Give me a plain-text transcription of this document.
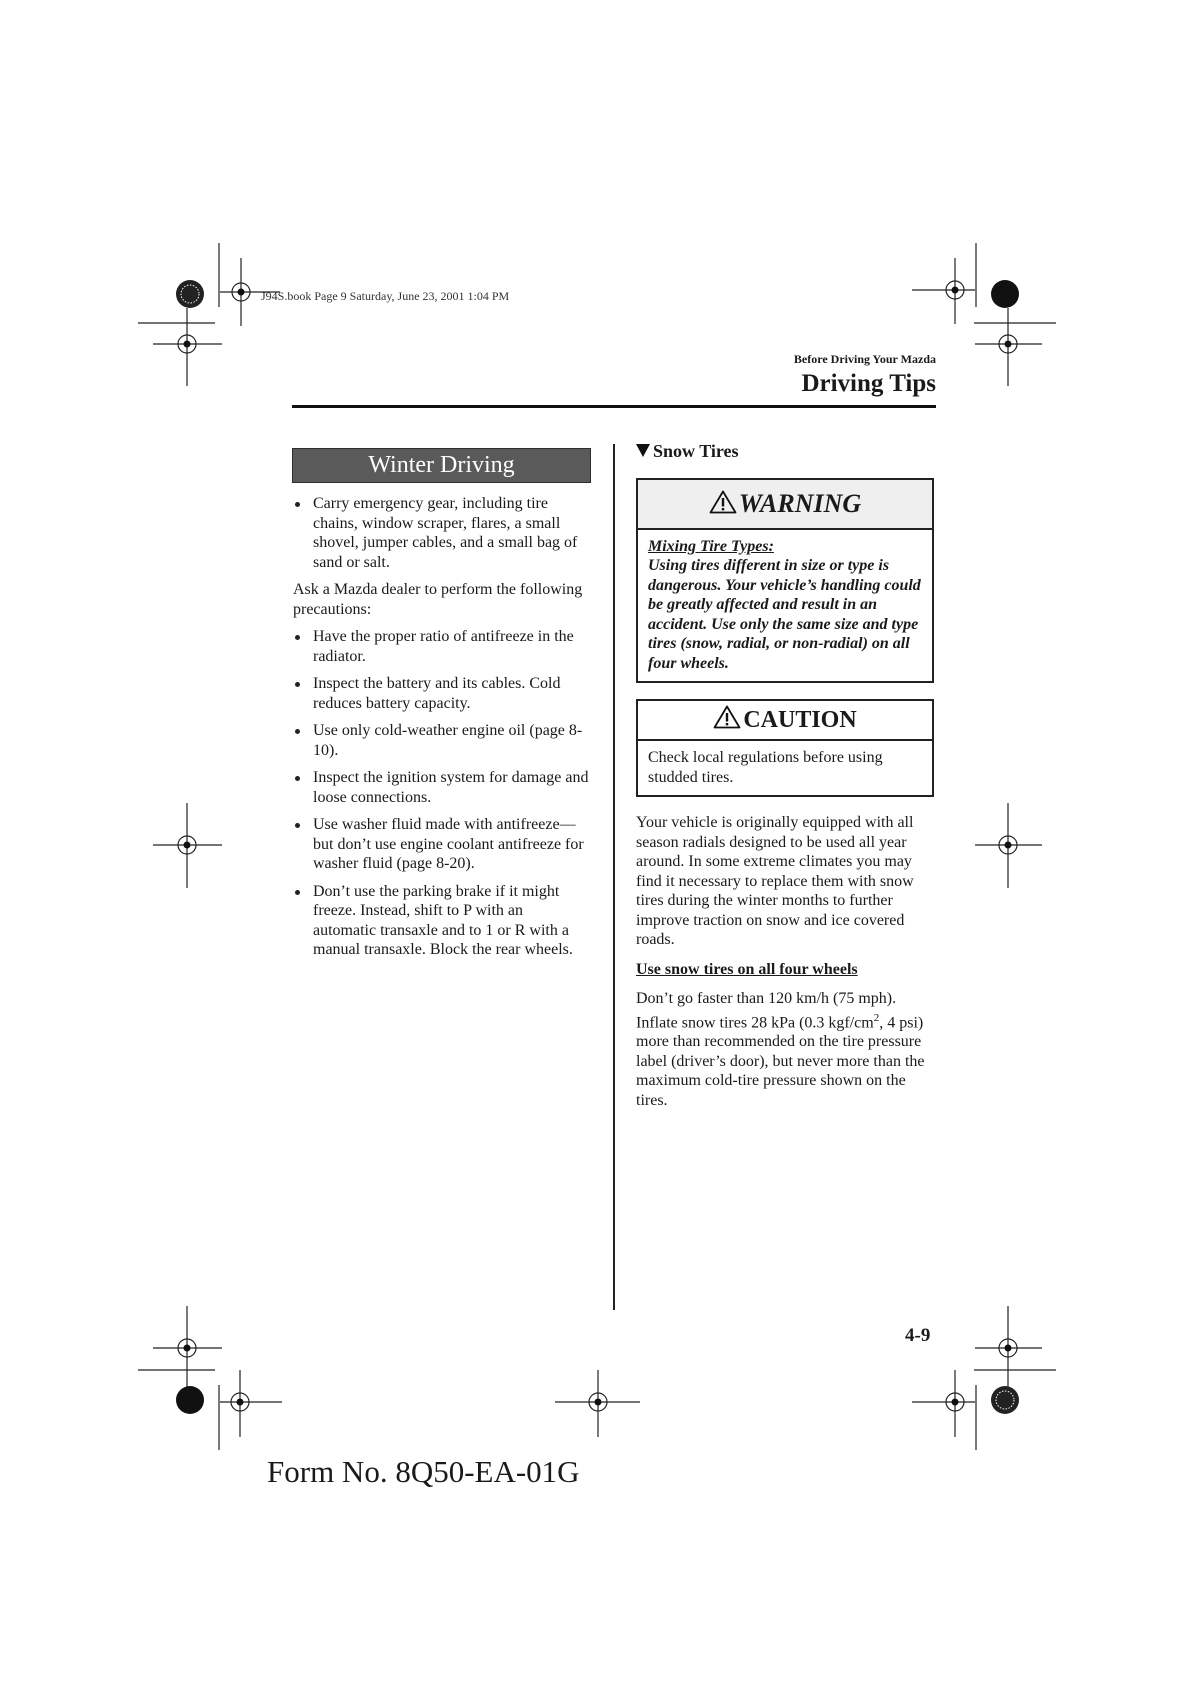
J94S.book Page 9 Saturday, June 23, 2001 1:04 PM
Before Driving Your Mazda
Driving Tips
Winter Driving
Carry emergency gear, including tire chains, window scraper, flares, a small shovel, jumper cables, and a small bag of sand or salt.

Ask a Mazda dealer to perform the following precautions:

Have the proper ratio of antifreeze in the radiator.
Inspect the battery and its cables. Cold reduces battery capacity.
Use only cold-weather engine oil (page 8-10).
Inspect the ignition system for damage and loose connections.
Use washer fluid made with antifreeze—but don’t use engine coolant antifreeze for washer fluid (page 8-20).
Don’t use the parking brake if it might freeze. Instead, shift to P with an automatic transaxle and to 1 or R with a manual transaxle. Block the rear wheels.
Snow Tires
WARNING
Mixing Tire Types:
Using tires different in size or type is dangerous. Your vehicle’s handling could be greatly affected and result in an accident. Use only the same size and type tires (snow, radial, or non-radial) on all four wheels.
CAUTION
Check local regulations before using studded tires.

Your vehicle is originally equipped with all season radials designed to be used all year around. In some extreme climates you may find it necessary to replace them with snow tires during the winter months to further improve traction on snow and ice covered roads.

Use snow tires on all four wheels

Don’t go faster than 120 km/h (75 mph). Inflate snow tires 28 kPa (0.3 kgf/$cm^2$, 4 psi) more than recommended on the tire pressure label (driver’s door), but never more than the maximum cold-tire pressure shown on the tires.

4-9
Form No. 8Q50-EA-01G
